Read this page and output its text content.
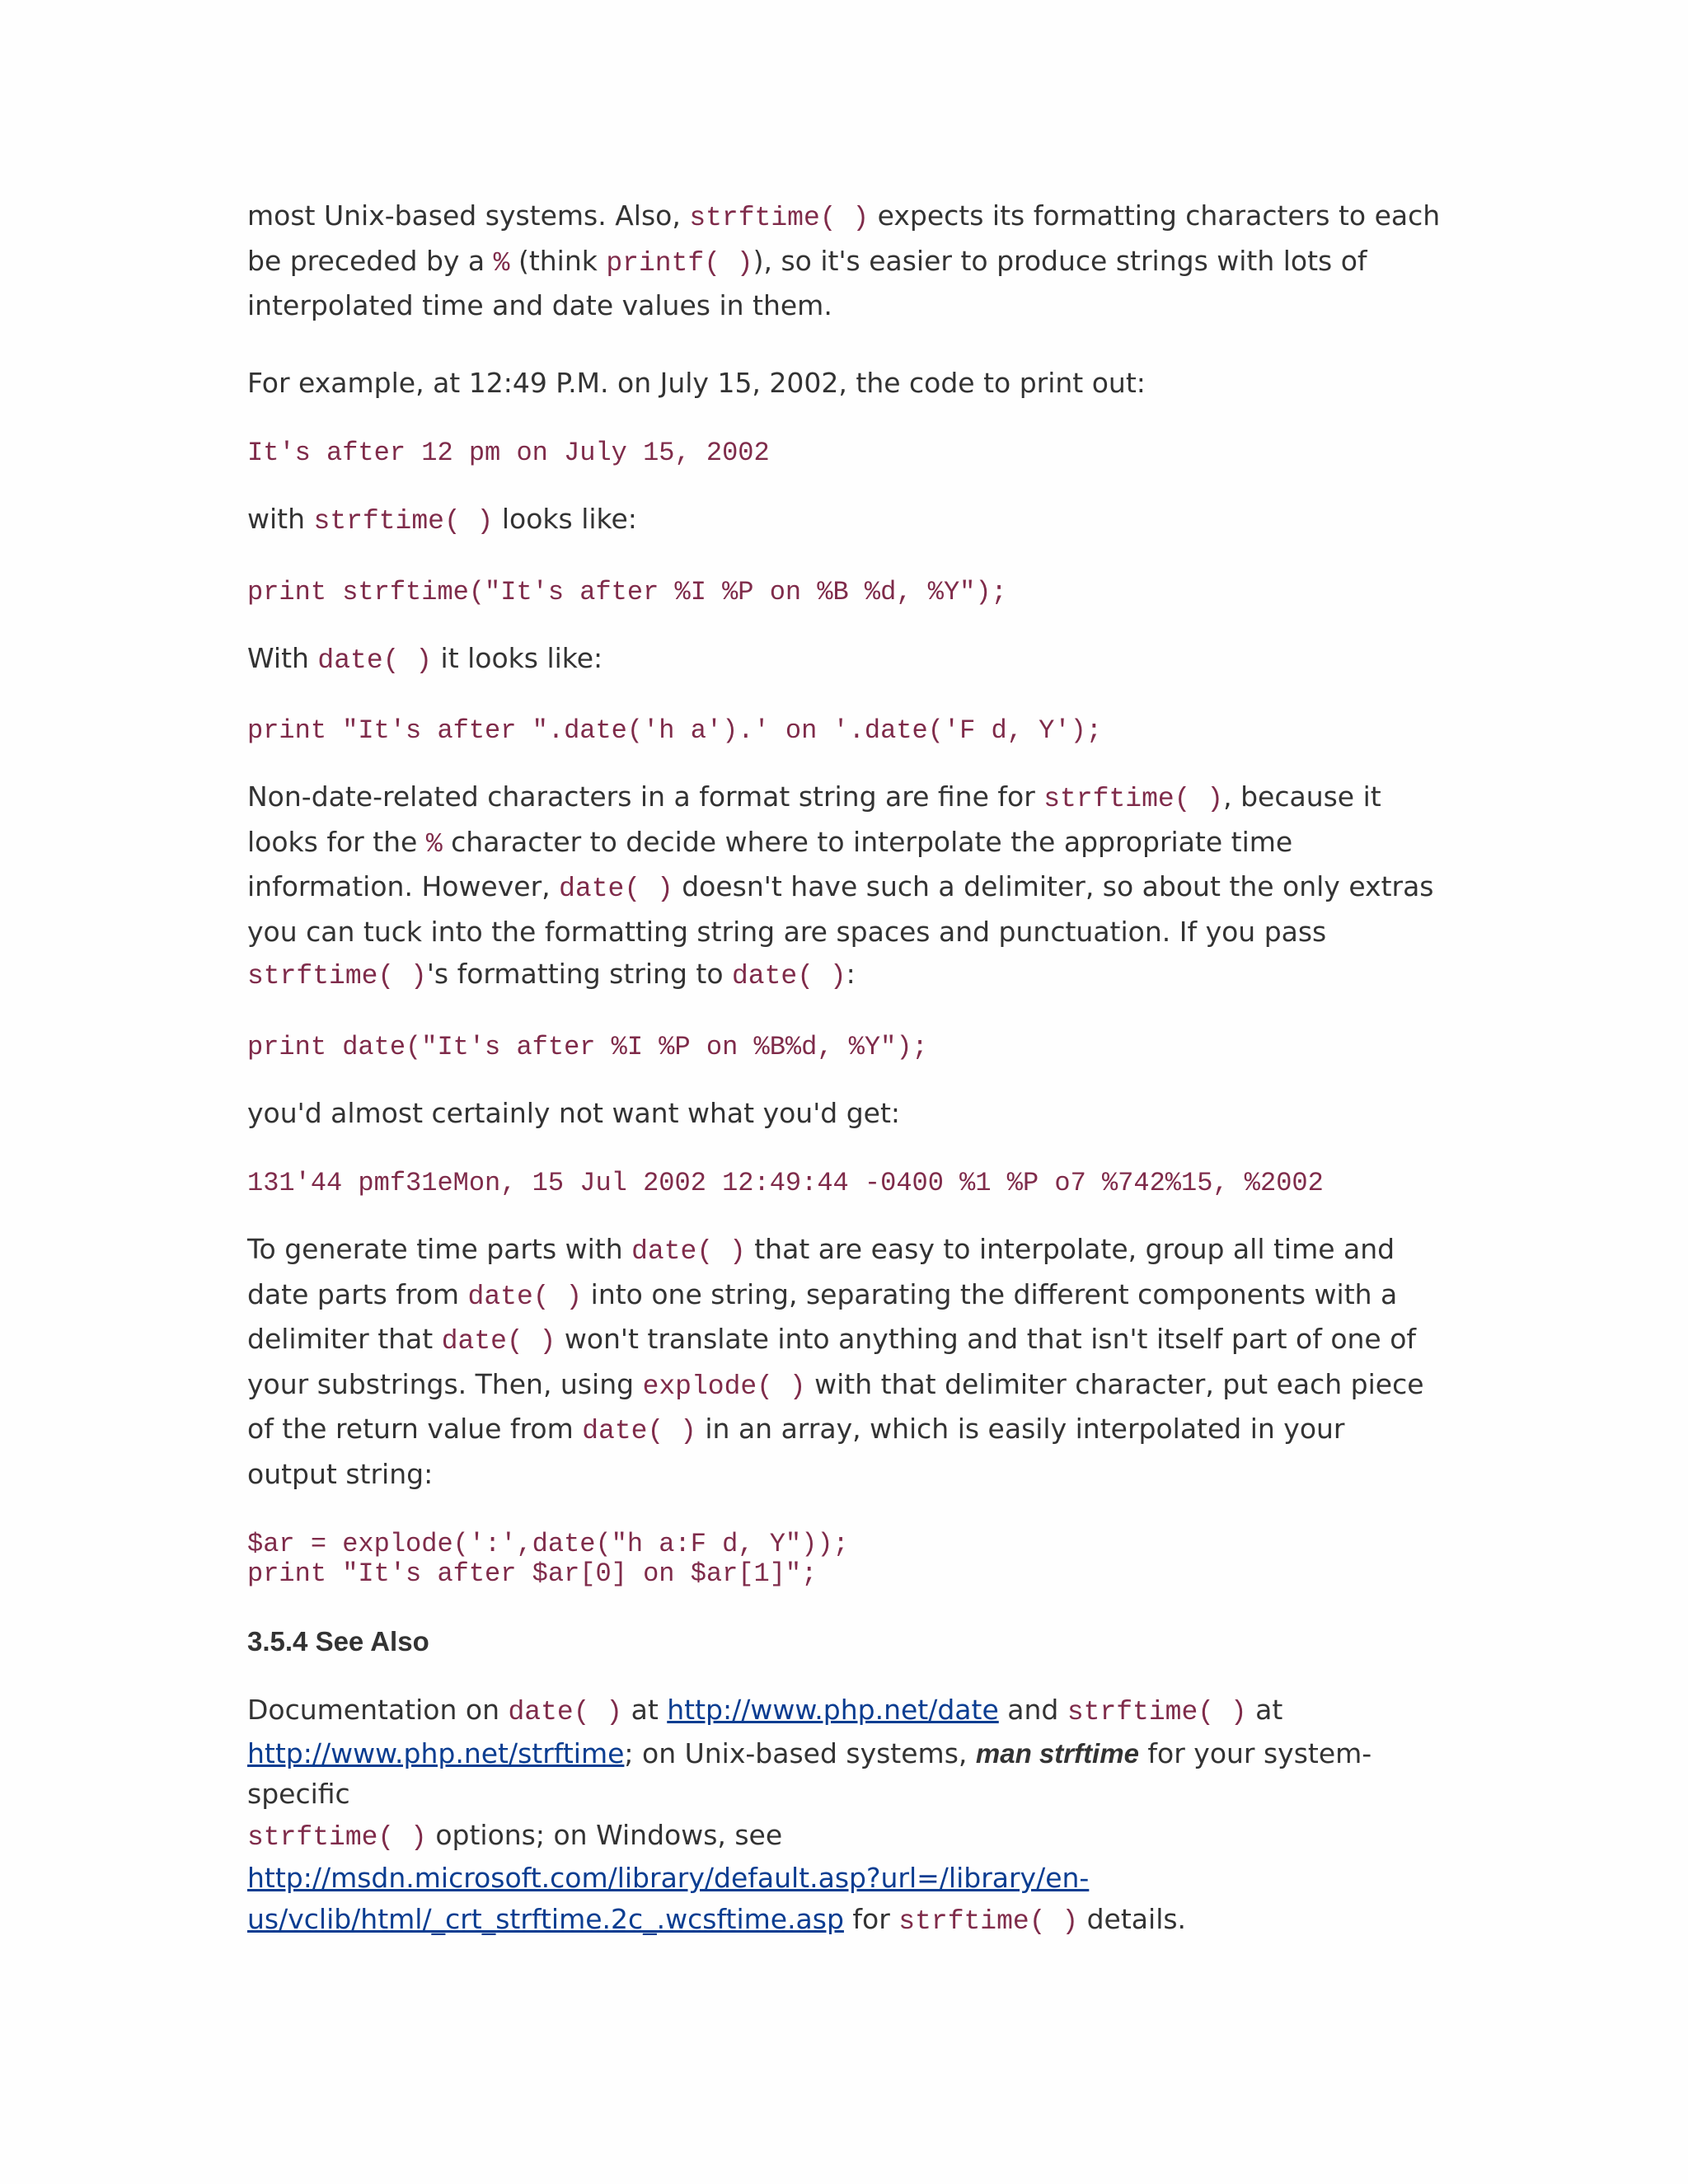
most Unix-based systems. Also, strftime( ) expects its formatting characters to each be preceded by a % (think printf( )), so it's easier to produce strings with lots of interpolated time and date values in them.

For example, at 12:49 P.M. on July 15, 2002, the code to print out:

It's after 12 pm on July 15, 2002

with strftime( ) looks like:

print strftime("It's after %I %P on %B %d, %Y");

With date( ) it looks like:

print "It's after ".date('h a').' on '.date('F d, Y');

Non-date-related characters in a format string are fine for strftime( ), because it looks for the % character to decide where to interpolate the appropriate time information. However, date( ) doesn't have such a delimiter, so about the only extras you can tuck into the formatting string are spaces and punctuation. If you pass strftime( )'s formatting string to date( ):

print date("It's after %I %P on %B%d, %Y");

you'd almost certainly not want what you'd get:

131'44 pmf31eMon, 15 Jul 2002 12:49:44 -0400 %1 %P o7 %742%15, %2002

To generate time parts with date( ) that are easy to interpolate, group all time and date parts from date( ) into one string, separating the different components with a delimiter that date( ) won't translate into anything and that isn't itself part of one of your substrings. Then, using explode( ) with that delimiter character, put each piece of the return value from date( ) in an array, which is easily interpolated in your output string:

$ar = explode(':',date("h a:F d, Y"));
print "It's after $ar[0] on $ar[1]";
3.5.4 See Also

Documentation on date( ) at http://www.php.net/date and strftime( ) at
http://www.php.net/strftime; on Unix-based systems, man strftime for your system-specific
strftime( ) options; on Windows, see
http://msdn.microsoft.com/library/default.asp?url=/library/en-
us/vclib/html/_crt_strftime.2c_.wcsftime.asp for strftime( ) details.
